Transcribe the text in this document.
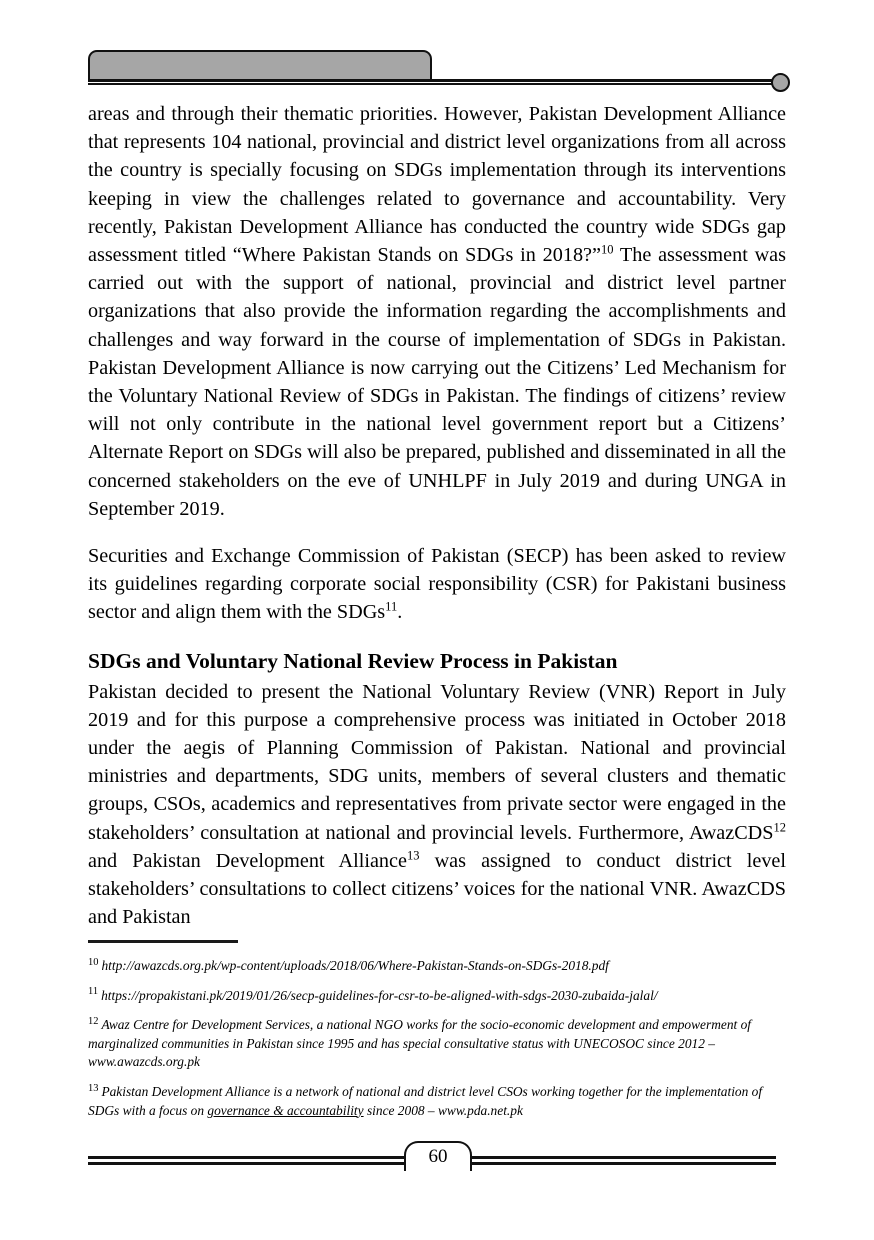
areas and through their thematic priorities. However, Pakistan Development Alliance that represents 104 national, provincial and district level organizations from all across the country is specially focusing on SDGs implementation through its interventions keeping in view the challenges related to governance and accountability. Very recently, Pakistan Development Alliance has conducted the country wide SDGs gap assessment titled “Where Pakistan Stands on SDGs in 2018?”$^{10}$ The assessment was carried out with the support of national, provincial and district level partner organizations that also provide the information regarding the accomplishments and challenges and way forward in the course of implementation of SDGs in Pakistan. Pakistan Development Alliance is now carrying out the Citizens’ Led Mechanism for the Voluntary National Review of SDGs in Pakistan. The findings of citizens’ review will not only contribute in the national level government report but a Citizens’ Alternate Report on SDGs will also be prepared, published and disseminated in all the concerned stakeholders on the eve of UNHLPF in July 2019 and during UNGA in September 2019.

Securities and Exchange Commission of Pakistan (SECP) has been asked to review its guidelines regarding corporate social responsibility (CSR) for Pakistani business sector and align them with the SDGs$^{11}$.

SDGs and Voluntary National Review Process in Pakistan

Pakistan decided to present the National Voluntary Review (VNR) Report in July 2019 and for this purpose a comprehensive process was initiated in October 2018 under the aegis of Planning Commission of Pakistan. National and provincial ministries and departments, SDG units, members of several clusters and thematic groups, CSOs, academics and representatives from private sector were engaged in the stakeholders’ consultation at national and provincial levels. Furthermore, AwazCDS$^{12}$ and Pakistan Development Alliance$^{13}$ was assigned to conduct district level stakeholders’ consultations to collect citizens’ voices for the national VNR. AwazCDS and Pakistan

$^{10}$ http://awazcds.org.pk/wp-content/uploads/2018/06/Where-Pakistan-Stands-on-SDGs-2018.pdf

$^{11}$ https://propakistani.pk/2019/01/26/secp-guidelines-for-csr-to-be-aligned-with-sdgs-2030-zubaida-jalal/

$^{12}$ Awaz Centre for Development Services, a national NGO works for the socio-economic development and empowerment of marginalized communities in Pakistan since 1995 and has special consultative status with UNECOSOC since 2012 – www.awazcds.org.pk

$^{13}$ Pakistan Development Alliance is a network of national and district level CSOs working together for the implementation of SDGs with a focus on governance & accountability since 2008 – www.pda.net.pk

60
